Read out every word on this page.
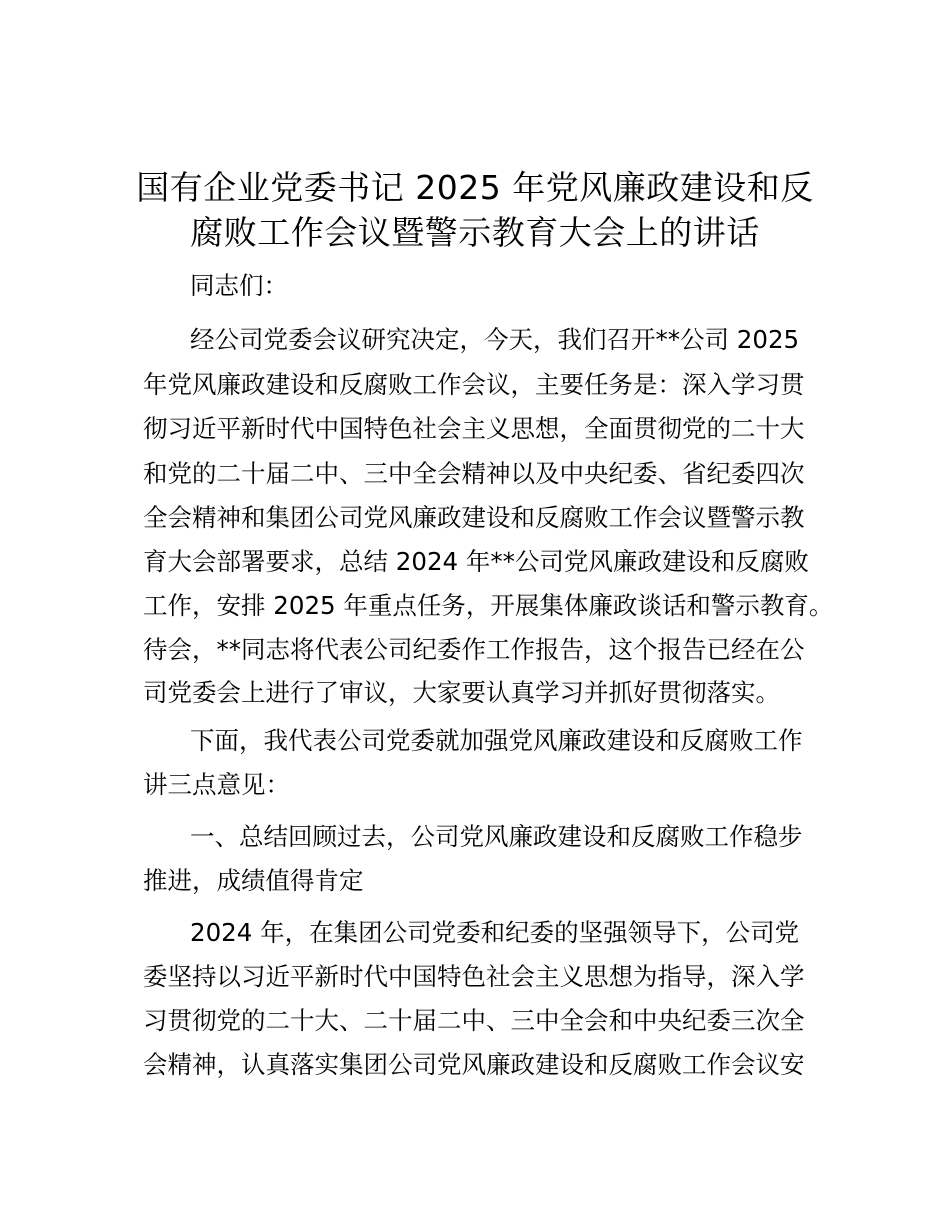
国有企业党委书记 2025 年党风廉政建设和反
腐败工作会议暨警示教育大会上的讲话

同志们：

经公司党委会议研究决定，今天，我们召开**公司 2025

年党风廉政建设和反腐败工作会议，主要任务是：深入学习贯

彻习近平新时代中国特色社会主义思想，全面贯彻党的二十大

和党的二十届二中、三中全会精神以及中央纪委、省纪委四次

全会精神和集团公司党风廉政建设和反腐败工作会议暨警示教

育大会部署要求，总结 2024 年**公司党风廉政建设和反腐败

工作，安排 2025 年重点任务，开展集体廉政谈话和警示教育。

待会，**同志将代表公司纪委作工作报告，这个报告已经在公

司党委会上进行了审议，大家要认真学习并抓好贯彻落实。

下面，我代表公司党委就加强党风廉政建设和反腐败工作

讲三点意见：

一、总结回顾过去，公司党风廉政建设和反腐败工作稳步

推进，成绩值得肯定

2024 年，在集团公司党委和纪委的坚强领导下，公司党

委坚持以习近平新时代中国特色社会主义思想为指导，深入学

习贯彻党的二十大、二十届二中、三中全会和中央纪委三次全

会精神，认真落实集团公司党风廉政建设和反腐败工作会议安
